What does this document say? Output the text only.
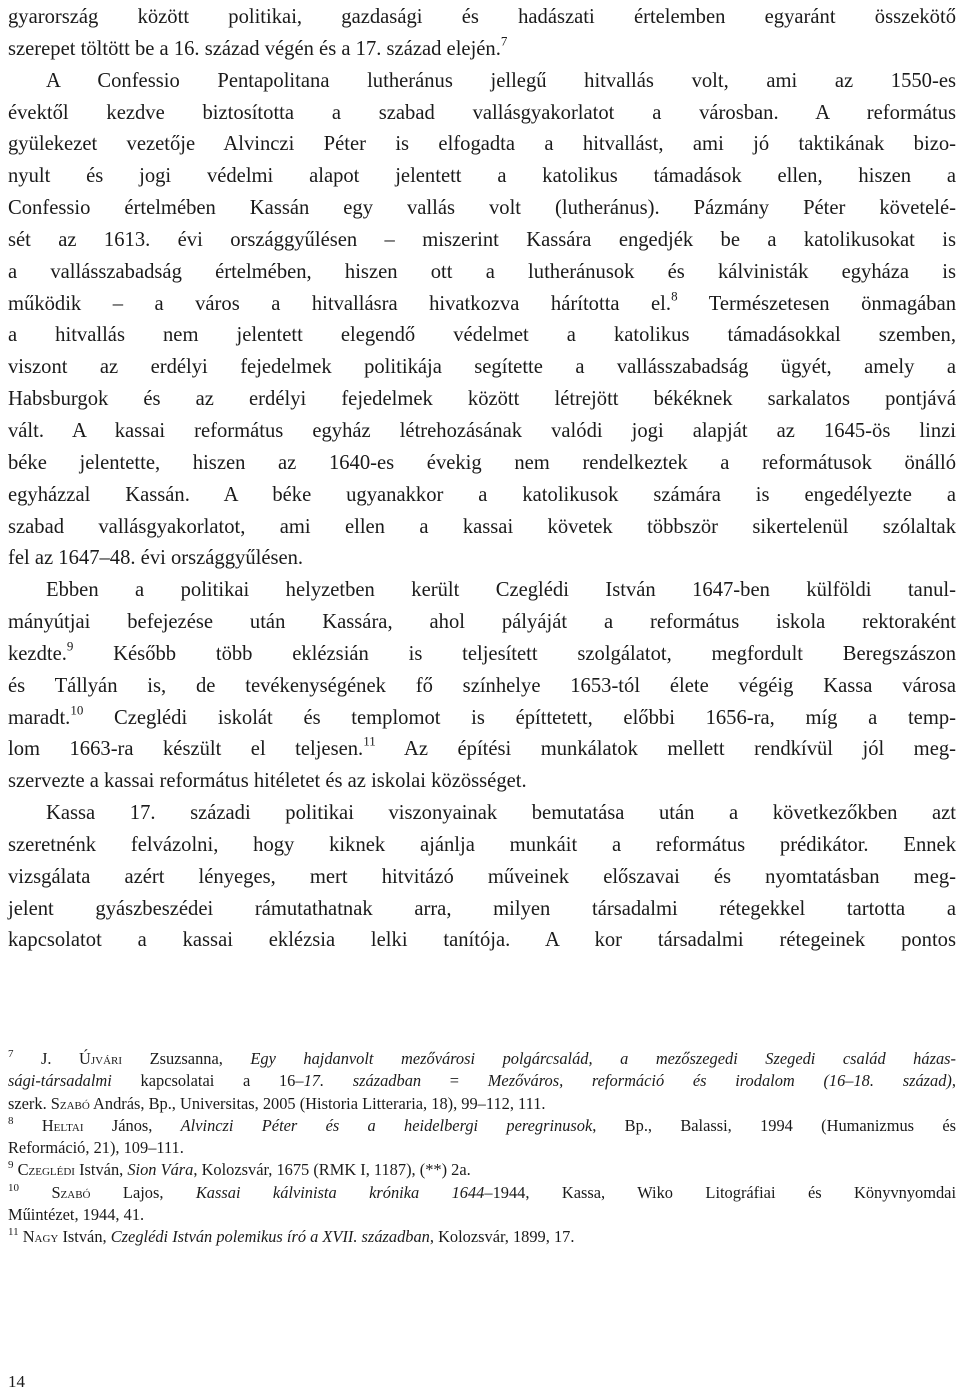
gyarország között politikai, gazdasági és hadászati értelemben egyaránt összekötő
szerepet töltött be a 16. század végén és a 17. század elején.$^7$
A Confessio Pentapolitana lutheránus jellegű hitvallás volt, ami az 1550-es
évektől kezdve biztosította a szabad vallásgyakorlatot a városban. A református
gyülekezet vezetője Alvinczi Péter is elfogadta a hitvallást, ami jó taktikának bizo-
nyult és jogi védelmi alapot jelentett a katolikus támadások ellen, hiszen a
Confessio értelmében Kassán egy vallás volt (lutheránus). Pázmány Péter követelé-
sét az 1613. évi országgyűlésen – miszerint Kassára engedjék be a katolikusokat is
a vallásszabadság értelmében, hiszen ott a lutheránusok és kálvinisták egyháza is
működik – a város a hitvallásra hivatkozva hárította el.$^8$ Természetesen önmagában
a hitvallás nem jelentett elegendő védelmet a katolikus támadásokkal szemben,
viszont az erdélyi fejedelmek politikája segítette a vallásszabadság ügyét, amely a
Habsburgok és az erdélyi fejedelmek között létrejött békéknek sarkalatos pontjává
vált. A kassai református egyház létrehozásának valódi jogi alapját az 1645-ös linzi
béke jelentette, hiszen az 1640-es évekig nem rendelkeztek a reformátusok önálló
egyházzal Kassán. A béke ugyanakkor a katolikusok számára is engedélyezte a
szabad vallásgyakorlatot, ami ellen a kassai követek többször sikertelenül szólaltak
fel az 1647–48. évi országgyűlésen.
Ebben a politikai helyzetben került Czeglédi István 1647-ben külföldi tanul-
mányútjai befejezése után Kassára, ahol pályáját a református iskola rektoraként
kezdte.$^9$ Később több eklézsián is teljesített szolgálatot, megfordult Beregszászon
és Tállyán is, de tevékenységének fő színhelye 1653-tól élete végéig Kassa városa
maradt.$^{10}$ Czeglédi iskolát és templomot is építtetett, előbbi 1656-ra, míg a temp-
lom 1663-ra készült el teljesen.$^{11}$ Az építési munkálatok mellett rendkívül jól meg-
szervezte a kassai református hitéletet és az iskolai közösséget.
Kassa 17. századi politikai viszonyainak bemutatása után a következőkben azt
szeretnénk felvázolni, hogy kiknek ajánlja munkáit a református prédikátor. Ennek
vizsgálata azért lényeges, mert hitvitázó műveinek előszavai és nyomtatásban meg-
jelent gyászbeszédei rámutathatnak arra, milyen társadalmi rétegekkel tartotta a
kapcsolatot a kassai eklézsia lelki tanítója. A kor társadalmi rétegeinek pontos
$^7$ J. Újvári Zsuzsanna, Egy hajdanvolt mezővárosi polgárcsalád, a mezőszegedi Szegedi család házas-
sági-társadalmi kapcsolatai a 16–17. században = Mezőváros, reformáció és irodalom (16–18. század),
szerk. Szabó András, Bp., Universitas, 2005 (Historia Litteraria, 18), 99–112, 111.
$^8$ Heltai János, Alvinczi Péter és a heidelbergi peregrinusok, Bp., Balassi, 1994 (Humanizmus és
Reformáció, 21), 109–111.
$^9$ Czeglédi István, Sion Vára, Kolozsvár, 1675 (RMK I, 1187), (**) 2a.
$^{10}$ Szabó Lajos, Kassai kálvinista krónika 1644–1944, Kassa, Wiko Litográfiai és Könyvnyomdai
Műintézet, 1944, 41.
$^{11}$ Nagy István, Czeglédi István polemikus író a XVII. században, Kolozsvár, 1899, 17.
14
